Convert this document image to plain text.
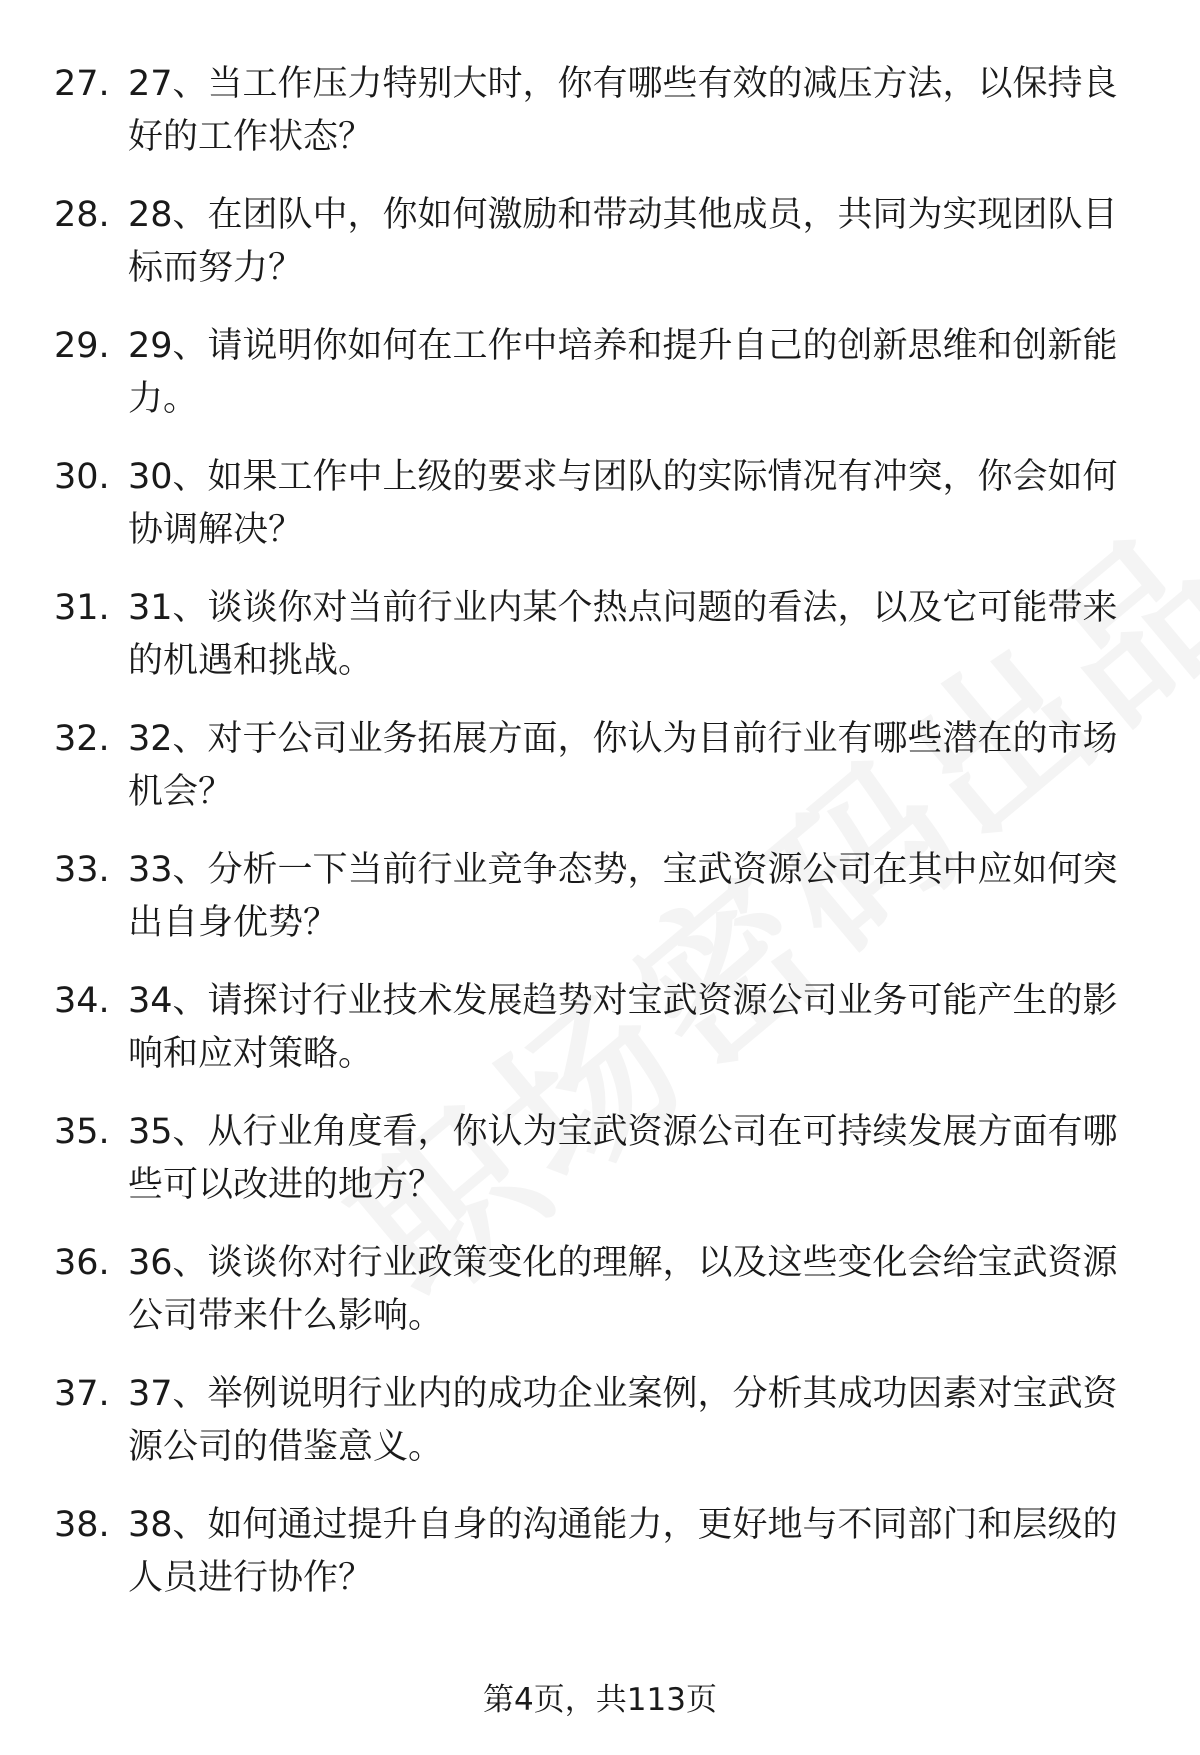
27. 27、当工作压力特别大时，你有哪些有效的减压方法，以保持良好的工作状态？
28. 28、在团队中，你如何激励和带动其他成员，共同为实现团队目标而努力？
29. 29、请说明你如何在工作中培养和提升自己的创新思维和创新能力。
30. 30、如果工作中上级的要求与团队的实际情况有冲突，你会如何协调解决？
31. 31、谈谈你对当前行业内某个热点问题的看法，以及它可能带来的机遇和挑战。
32. 32、对于公司业务拓展方面，你认为目前行业有哪些潜在的市场机会？
33. 33、分析一下当前行业竞争态势，宝武资源公司在其中应如何突出自身优势？
34. 34、请探讨行业技术发展趋势对宝武资源公司业务可能产生的影响和应对策略。
35. 35、从行业角度看，你认为宝武资源公司在可持续发展方面有哪些可以改进的地方？
36. 36、谈谈你对行业政策变化的理解，以及这些变化会给宝武资源公司带来什么影响。
37. 37、举例说明行业内的成功企业案例，分析其成功因素对宝武资源公司的借鉴意义。
38. 38、如何通过提升自身的沟通能力，更好地与不同部门和层级的人员进行协作？
第4页，共113页
